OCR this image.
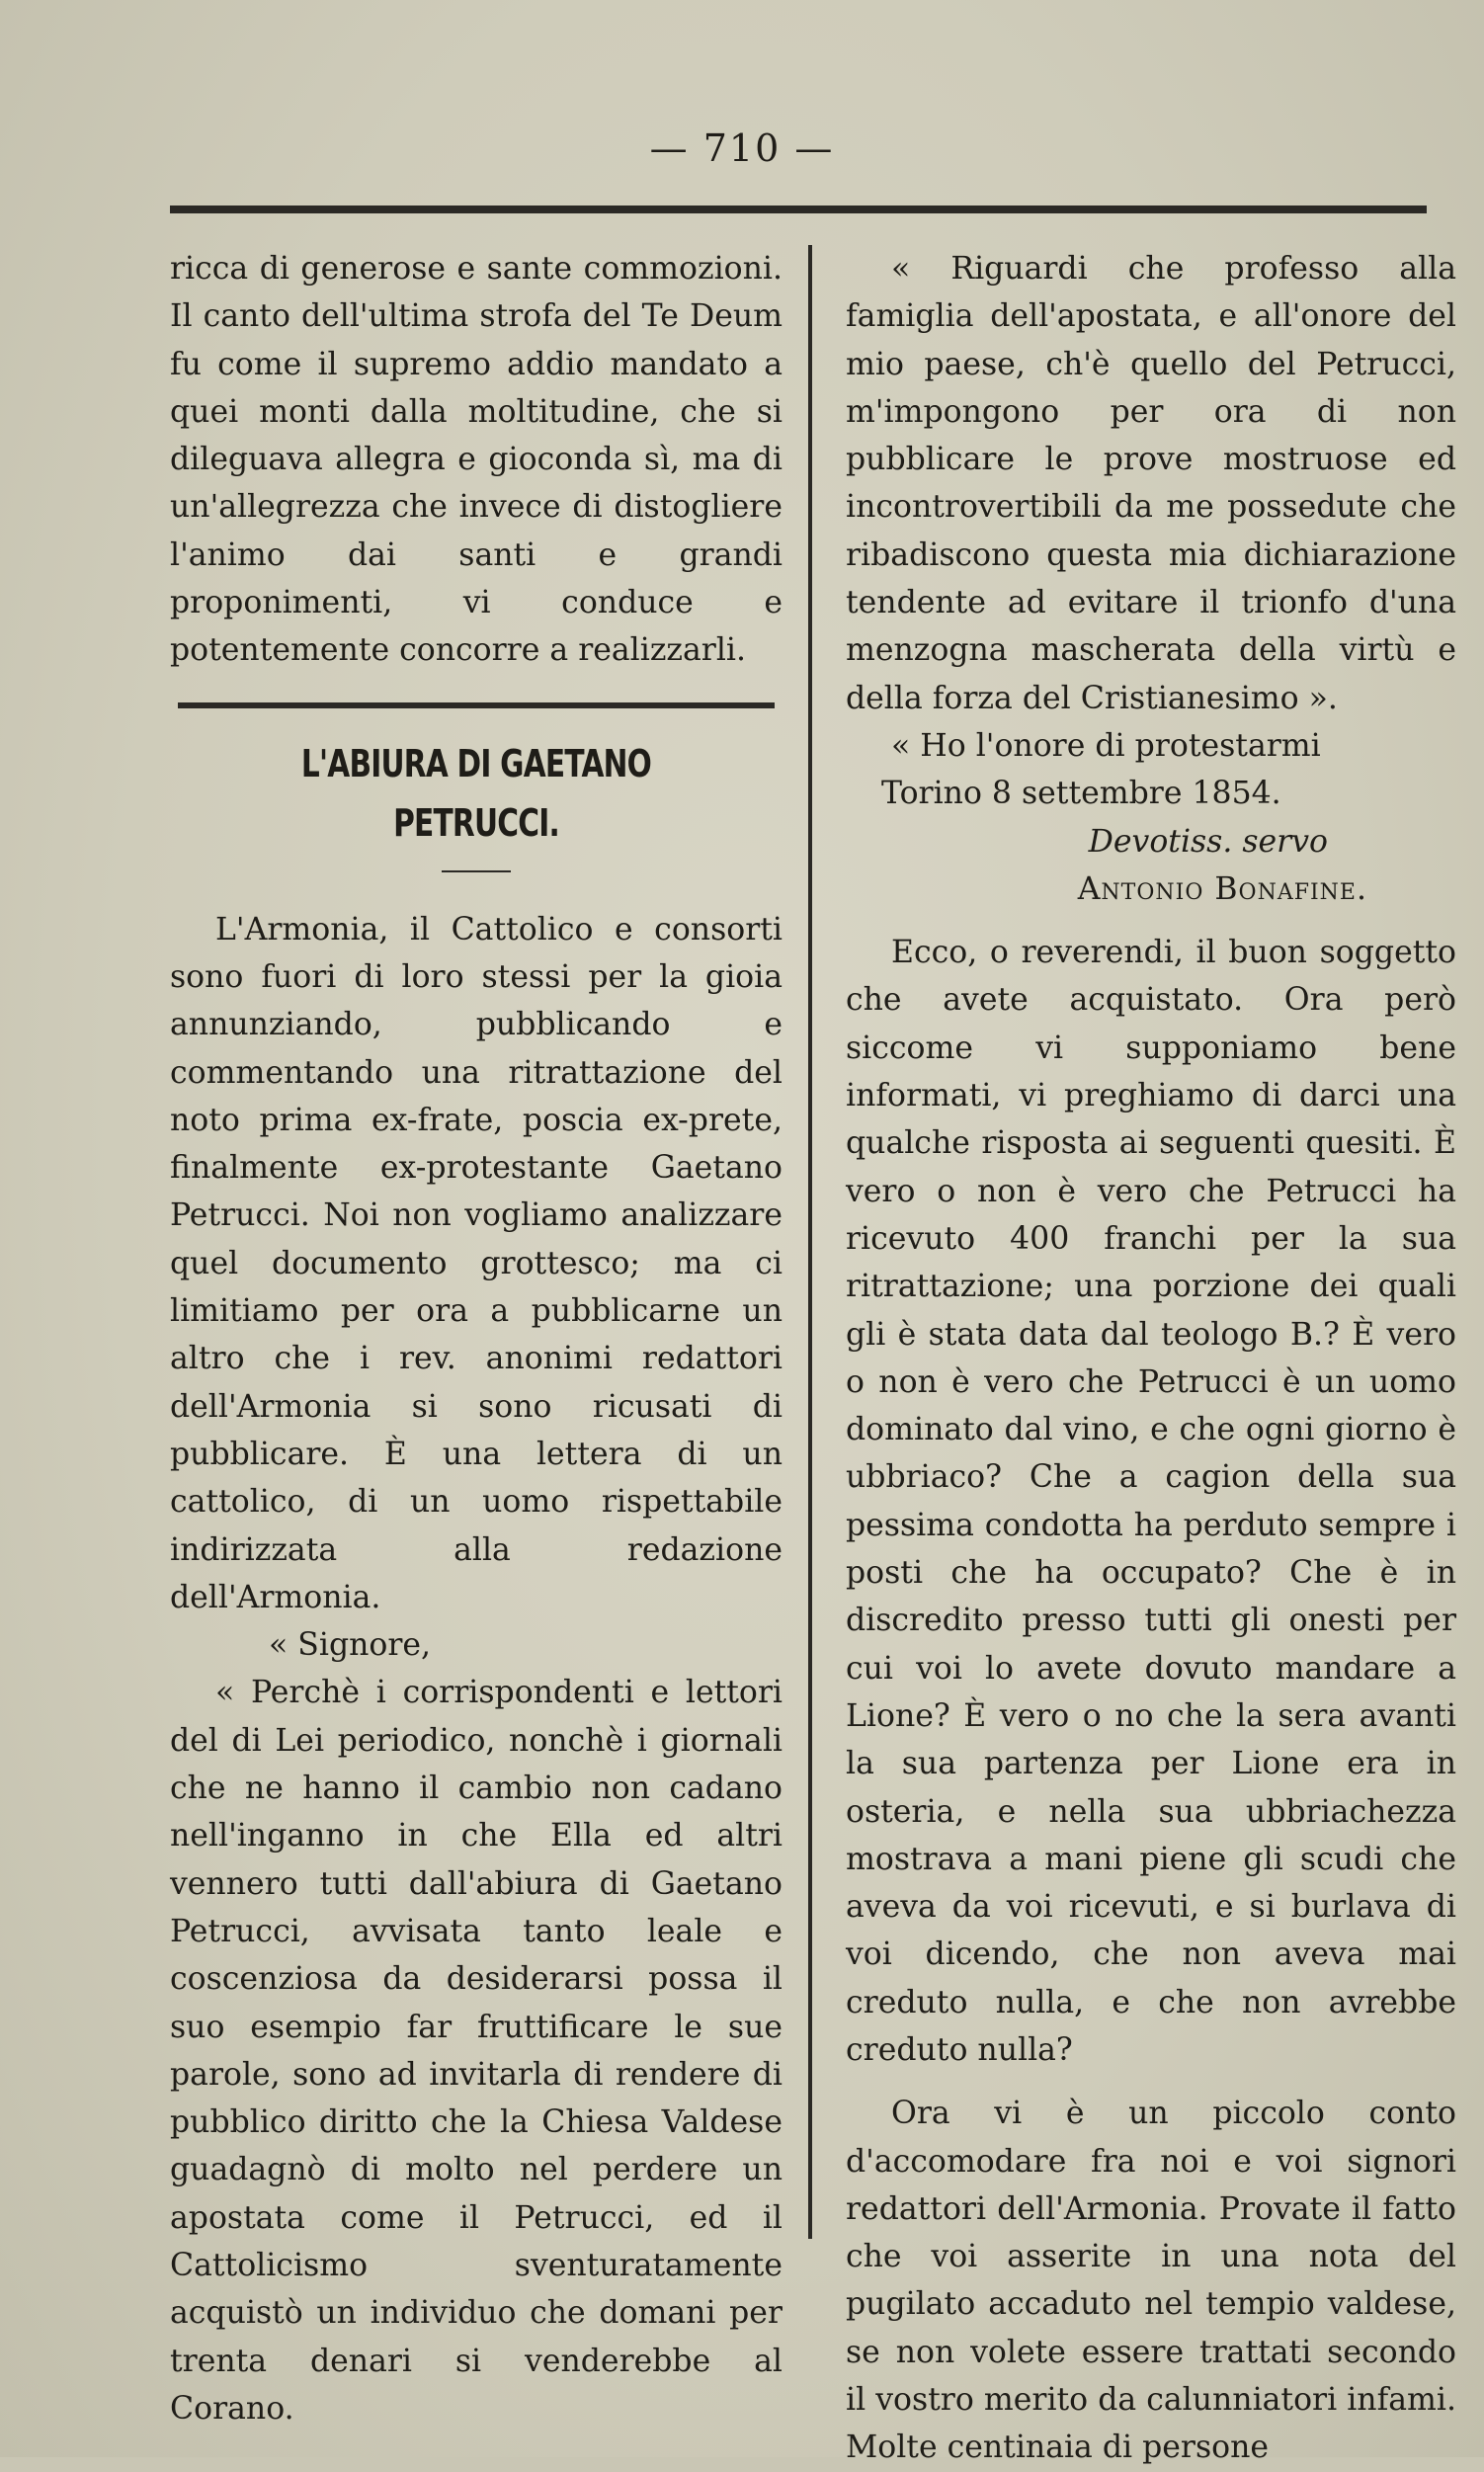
— 710 —

ricca di generose e sante commozioni. Il canto dell'ultima strofa del Te Deum fu come il supremo addio mandato a quei monti dalla moltitudine, che si dileguava allegra e gioconda sì, ma di un'allegrezza che invece di distogliere l'animo dai santi e grandi proponimenti, vi conduce e potentemente concorre a realizzarli.

L'ABIURA DI GAETANO PETRUCCI.

L'Armonia, il Cattolico e consorti sono fuori di loro stessi per la gioia annunziando, pubblicando e commentando una ritrattazione del noto prima ex-frate, poscia ex-prete, finalmente ex-protestante Gaetano Petrucci. Noi non vogliamo analizzare quel documento grottesco; ma ci limitiamo per ora a pubblicarne un altro che i rev. anonimi redattori dell'Armonia si sono ricusati di pubblicare. È una lettera di un cattolico, di un uomo rispettabile indirizzata alla redazione dell'Armonia.

« Signore,

« Perchè i corrispondenti e lettori del di Lei periodico, nonchè i giornali che ne hanno il cambio non cadano nell'inganno in che Ella ed altri vennero tutti dall'abiura di Gaetano Petrucci, avvisata tanto leale e coscenziosa da desiderarsi possa il suo esempio far fruttificare le sue parole, sono ad invitarla di rendere di pubblico diritto che la Chiesa Valdese guadagnò di molto nel perdere un apostata come il Petrucci, ed il Cattolicismo sventuratamente acquistò un individuo che domani per trenta denari si venderebbe al Corano.

« Riguardi che professo alla famiglia dell'apostata, e all'onore del mio paese, ch'è quello del Petrucci, m'impongono per ora di non pubblicare le prove mostruose ed incontrovertibili da me possedute che ribadiscono questa mia dichiarazione tendente ad evitare il trionfo d'una menzogna mascherata della virtù e della forza del Cristianesimo ».

« Ho l'onore di protestarmi

Torino 8 settembre 1854.

Devotiss. servo

Antonio Bonafine.

Ecco, o reverendi, il buon soggetto che avete acquistato. Ora però siccome vi supponiamo bene informati, vi preghiamo di darci una qualche risposta ai seguenti quesiti. È vero o non è vero che Petrucci ha ricevuto 400 franchi per la sua ritrattazione; una porzione dei quali gli è stata data dal teologo B.? È vero o non è vero che Petrucci è un uomo dominato dal vino, e che ogni giorno è ubbriaco? Che a cagion della sua pessima condotta ha perduto sempre i posti che ha occupato? Che è in discredito presso tutti gli onesti per cui voi lo avete dovuto mandare a Lione? È vero o no che la sera avanti la sua partenza per Lione era in osteria, e nella sua ubbriachezza mostrava a mani piene gli scudi che aveva da voi ricevuti, e si burlava di voi dicendo, che non aveva mai creduto nulla, e che non avrebbe creduto nulla?

Ora vi è un piccolo conto d'accomodare fra noi e voi signori redattori dell'Armonia. Provate il fatto che voi asserite in una nota del pugilato accaduto nel tempio valdese, se non volete essere trattati secondo il vostro merito da calunniatori infami. Molte centinaia di persone
